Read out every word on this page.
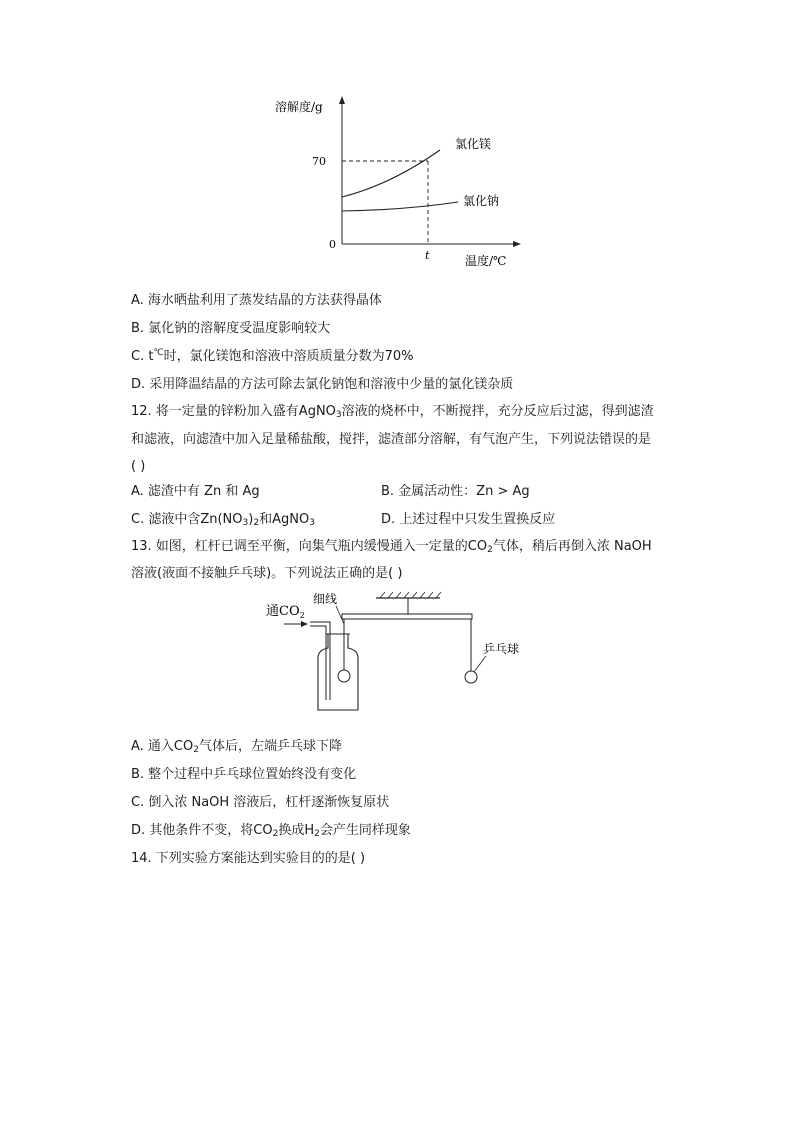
溶解度/g
70
0
t	温度/℃
氯化镁
氯化钠
A. 海水晒盐利用了蒸发结晶的方法获得晶体
B. 氯化钠的溶解度受温度影响较大
C. t℃时，氯化镁饱和溶液中溶质质量分数为70%
D. 采用降温结晶的方法可除去氯化钠饱和溶液中少量的氯化镁杂质
12. 将一定量的锌粉加入盛有AgNO$_3$溶液的烧杯中，不断搅拌，充分反应后过滤，得到滤渣
和滤液，向滤渣中加入足量稀盐酸，搅拌，滤渣部分溶解，有气泡产生，下列说法错误的是
( )
A. 滤渣中有 Zn 和 Ag	B. 金属活动性：Zn > Ag
C. 滤液中含$Zn(NO_3)_2$和AgNO$_3$	D. 上述过程中只发生置换反应
13. 如图，杠杆已调至平衡，向集气瓶内缓慢通入一定量的$CO_2$气体，稍后再倒入浓 NaOH
溶液(液面不接触乒乓球)。下列说法正确的是( )
通$CO_2$
细线
乒乓球
A. 通入$CO_2$气体后，左端乒乓球下降
B. 整个过程中乒乓球位置始终没有变化
C. 倒入浓 NaOH 溶液后，杠杆逐渐恢复原状
D. 其他条件不变，将$CO_2$换成$H_2$会产生同样现象
14. 下列实验方案能达到实验目的的是( )
